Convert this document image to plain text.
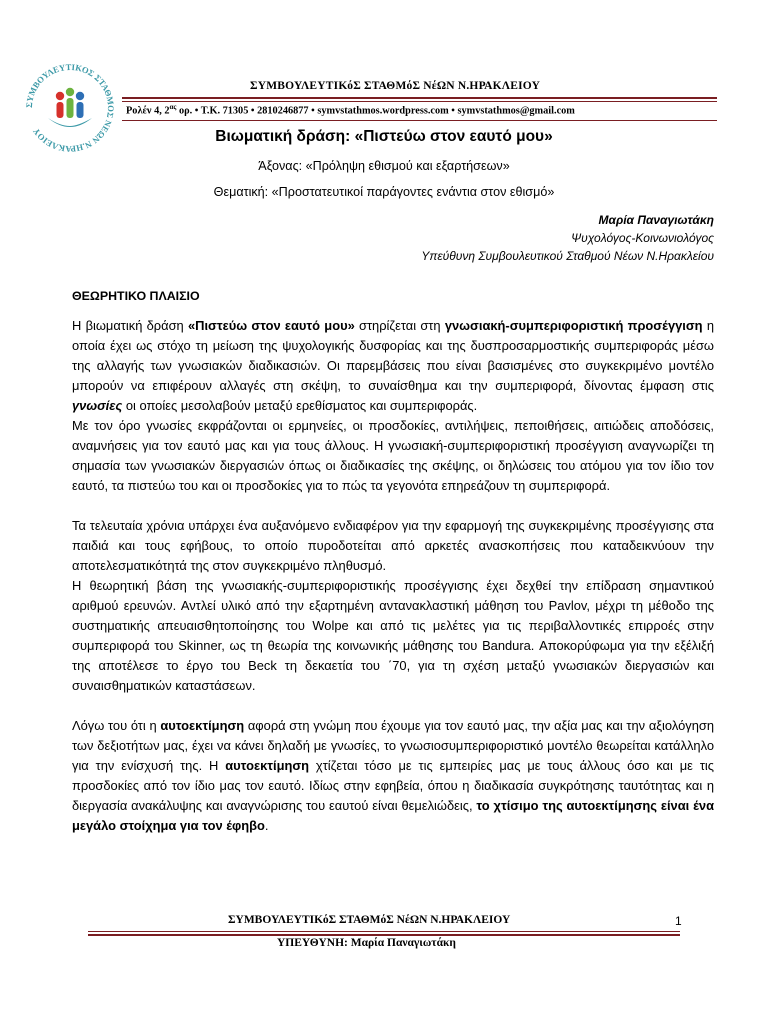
ΣΥΜΒΟΥΛΕΥΤΙΚΟΣ ΣΤΑΘΜΟΣ ΝΕΩΝ Ν.ΗΡΑΚΛΕΙΟΥ
ΣΥΜΒΟΥΛΕΥΤΙΚόΣ ΣΤΑΘΜόΣ ΝέΩΝ Ν.ΗΡΑΚΛΕΙΟΥ
Ρολέν 4, $2^{\alpha\varsigma}$ ορ. • Τ.Κ. 71305 • 2810246877 • symvstathmos.wordpress.com • symvstathmos@gmail.com
Βιωματική δράση: «Πιστεύω στον εαυτό μου»
Άξονας: «Πρόληψη εθισμού και εξαρτήσεων»
Θεματική: «Προστατευτικοί παράγοντες ενάντια στον εθισμό»
Μαρία Παναγιωτάκη
Ψυχολόγος-Κοινωνιολόγος
Υπεύθυνη Συμβουλευτικού Σταθμού Νέων Ν.Ηρακλείου
ΘΕΩΡΗΤΙΚΟ ΠΛΑΙΣΙΟ

Η βιωματική δράση «Πιστεύω στον εαυτό μου» στηρίζεται στη γνωσιακή-συμπεριφοριστική προσέγγιση η οποία έχει ως στόχο τη μείωση της ψυχολογικής δυσφορίας και της δυσπροσαρμοστικής συμπεριφοράς μέσω της αλλαγής των γνωσιακών διαδικασιών. Οι παρεμβάσεις που είναι βασισμένες στο συγκεκριμένο μοντέλο μπορούν να επιφέρουν αλλαγές στη σκέψη, το συναίσθημα και την συμπεριφορά, δίνοντας έμφαση στις γνωσίες οι οποίες μεσολαβούν μεταξύ ερεθίσματος και συμπεριφοράς.

Με τον όρο γνωσίες εκφράζονται οι ερμηνείες, οι προσδοκίες, αντιλήψεις, πεποιθήσεις, αιτιώδεις αποδόσεις, αναμνήσεις για τον εαυτό μας και για τους άλλους. Η γνωσιακή-συμπεριφοριστική προσέγγιση αναγνωρίζει τη σημασία των γνωσιακών διεργασιών όπως οι διαδικασίες της σκέψης, οι δηλώσεις του ατόμου για τον ίδιο τον εαυτό, τα πιστεύω του και οι προσδοκίες για το πώς τα γεγονότα επηρεάζουν τη συμπεριφορά.

Τα τελευταία χρόνια υπάρχει ένα αυξανόμενο ενδιαφέρον για την εφαρμογή της συγκεκριμένης προσέγγισης στα παιδιά και τους εφήβους, το οποίο πυροδοτείται από αρκετές ανασκοπήσεις που καταδεικνύουν την αποτελεσματικότητά της στον συγκεκριμένο πληθυσμό.

Η θεωρητική βάση της γνωσιακής-συμπεριφοριστικής προσέγγισης έχει δεχθεί την επίδραση σημαντικού αριθμού ερευνών. Αντλεί υλικό από την εξαρτημένη αντανακλαστική μάθηση του Pavlov, μέχρι τη μέθοδο της συστηματικής απευαισθητοποίησης του Wolpe και από τις μελέτες για τις περιβαλλοντικές επιρροές στην συμπεριφορά του Skinner, ως τη θεωρία της κοινωνικής μάθησης του Bandura. Αποκορύφωμα για την εξέλιξή της αποτέλεσε το έργο του Beck τη δεκαετία του ΄70, για τη σχέση μεταξύ γνωσιακών διεργασιών και συναισθηματικών καταστάσεων.

Λόγω του ότι η αυτοεκτίμηση αφορά στη γνώμη που έχουμε για τον εαυτό μας, την αξία μας και την αξιολόγηση των δεξιοτήτων μας, έχει να κάνει δηλαδή με γνωσίες, το γνωσιοσυμπεριφοριστικό μοντέλο θεωρείται κατάλληλο για την ενίσχυσή της. Η αυτοεκτίμηση χτίζεται τόσο με τις εμπειρίες μας με τους άλλους όσο και με τις προσδοκίες από τον ίδιο μας τον εαυτό. Ιδίως στην εφηβεία, όπου η διαδικασία συγκρότησης ταυτότητας και η διεργασία ανακάλυψης και αναγνώρισης του εαυτού είναι θεμελιώδεις, το χτίσιμο της αυτοεκτίμησης είναι ένα μεγάλο στοίχημα για τον έφηβο.

ΣΥΜΒΟΥΛΕΥΤΙΚόΣ ΣΤΑΘΜόΣ ΝέΩΝ Ν.ΗΡΑΚΛΕΙΟΥ	1
ΥΠΕΥΘΥΝΗ: Μαρία Παναγιωτάκη
